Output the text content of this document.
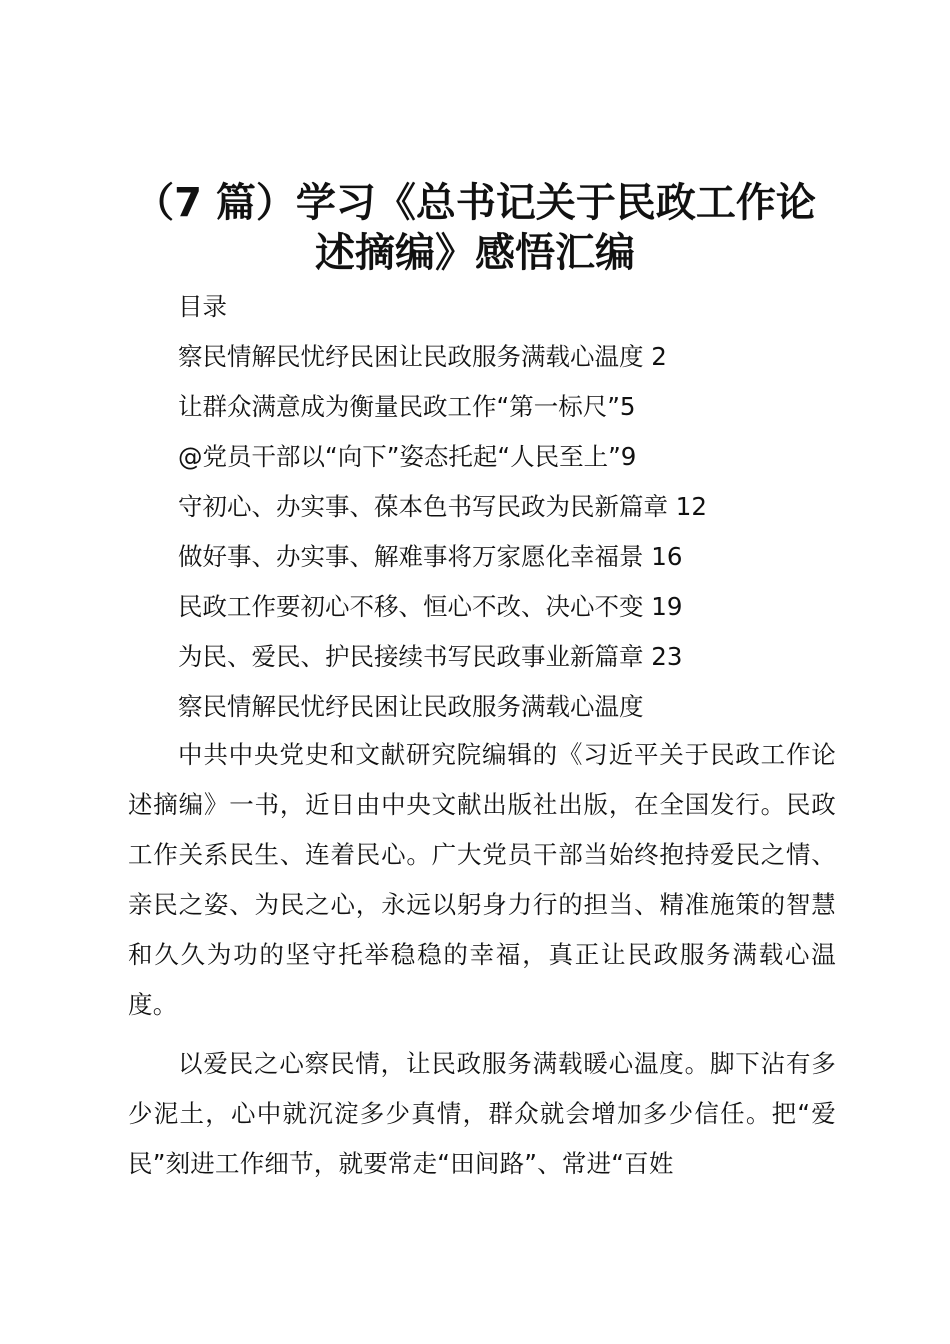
（7 篇）学习《总书记关于民政工作论
述摘编》感悟汇编
目录
察民情解民忧纾民困让民政服务满载心温度 2
让群众满意成为衡量民政工作“第一标尺”5
@党员干部以“向下”姿态托起“人民至上”9
守初心、办实事、葆本色书写民政为民新篇章 12
做好事、办实事、解难事将万家愿化幸福景 16
民政工作要初心不移、恒心不改、决心不变 19
为民、爱民、护民接续书写民政事业新篇章 23
察民情解民忧纾民困让民政服务满载心温度

中共中央党史和文献研究院编辑的《习近平关于民政工作论述摘编》一书，近日由中央文献出版社出版，在全国发行。民政工作关系民生、连着民心。广大党员干部当始终抱持爱民之情、亲民之姿、为民之心，永远以躬身力行的担当、精准施策的智慧和久久为功的坚守托举稳稳的幸福，真正让民政服务满载心温度。

以爱民之心察民情，让民政服务满载暖心温度。脚下沾有多少泥土，心中就沉淀多少真情，群众就会增加多少信任。把“爱民”刻进工作细节，就要常走“田间路”、常进“百姓
